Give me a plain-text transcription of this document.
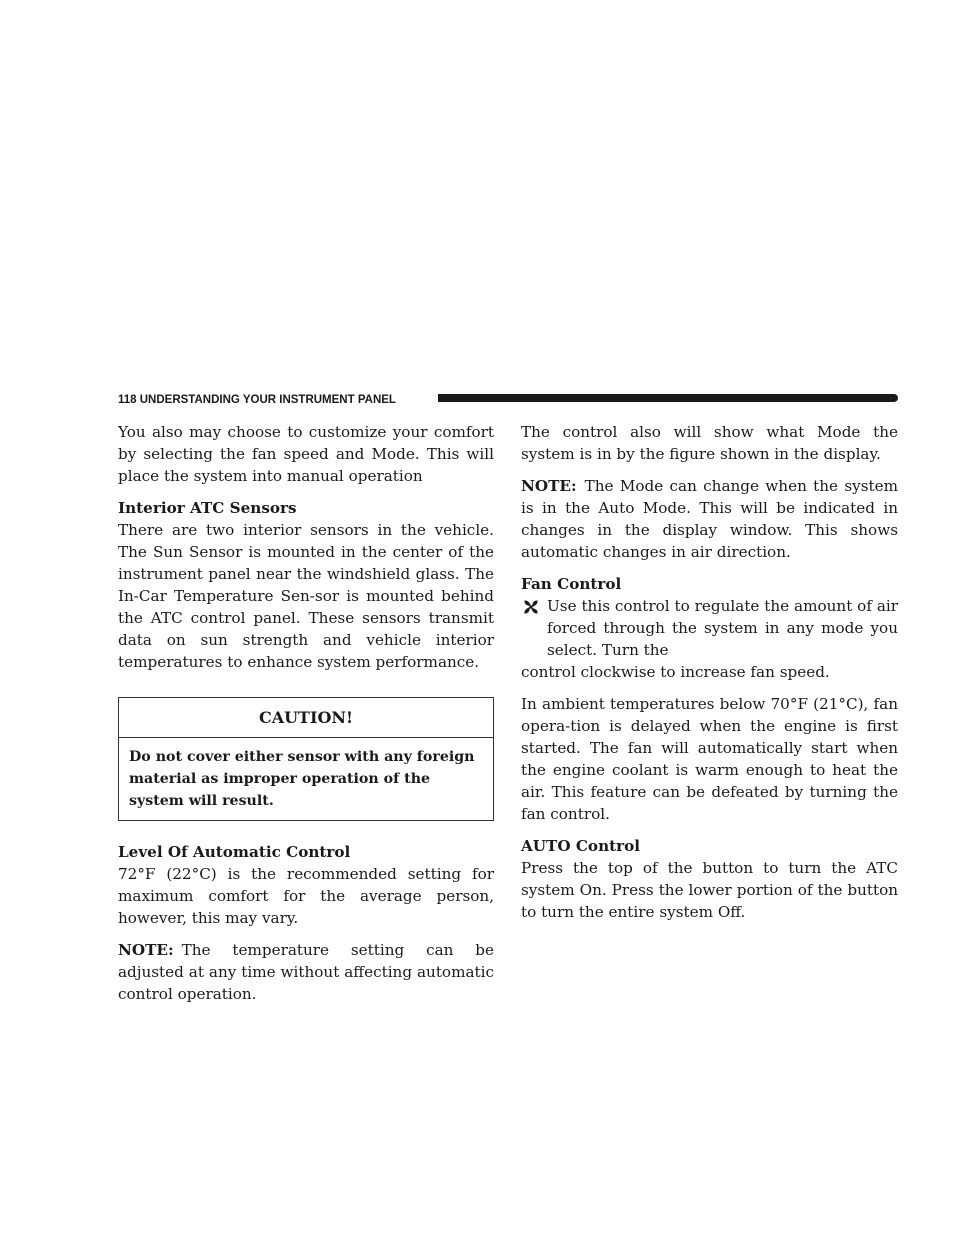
118 UNDERSTANDING YOUR INSTRUMENT PANEL

You also may choose to customize your comfort by selecting the fan speed and Mode. This will place the system into manual operation

Interior ATC Sensors
There are two interior sensors in the vehicle. The Sun Sensor is mounted in the center of the instrument panel near the windshield glass. The In-Car Temperature Sen-sor is mounted behind the ATC control panel. These sensors transmit data on sun strength and vehicle interior temperatures to enhance system performance.

CAUTION!
Do not cover either sensor with any foreign material as improper operation of the system will result.

Level Of Automatic Control
72°F (22°C) is the recommended setting for maximum comfort for the average person, however, this may vary.

NOTE: The temperature setting can be adjusted at any time without affecting automatic control operation.

The control also will show what Mode the system is in by the figure shown in the display.

NOTE: The Mode can change when the system is in the Auto Mode. This will be indicated in changes in the display window. This shows automatic changes in air direction.

Fan Control

Use this control to regulate the amount of air forced through the system in any mode you select. Turn the

control clockwise to increase fan speed.

In ambient temperatures below 70°F (21°C), fan opera-tion is delayed when the engine is first started. The fan will automatically start when the engine coolant is warm enough to heat the air. This feature can be defeated by turning the fan control.

AUTO Control
Press the top of the button to turn the ATC system On. Press the lower portion of the button to turn the entire system Off.
